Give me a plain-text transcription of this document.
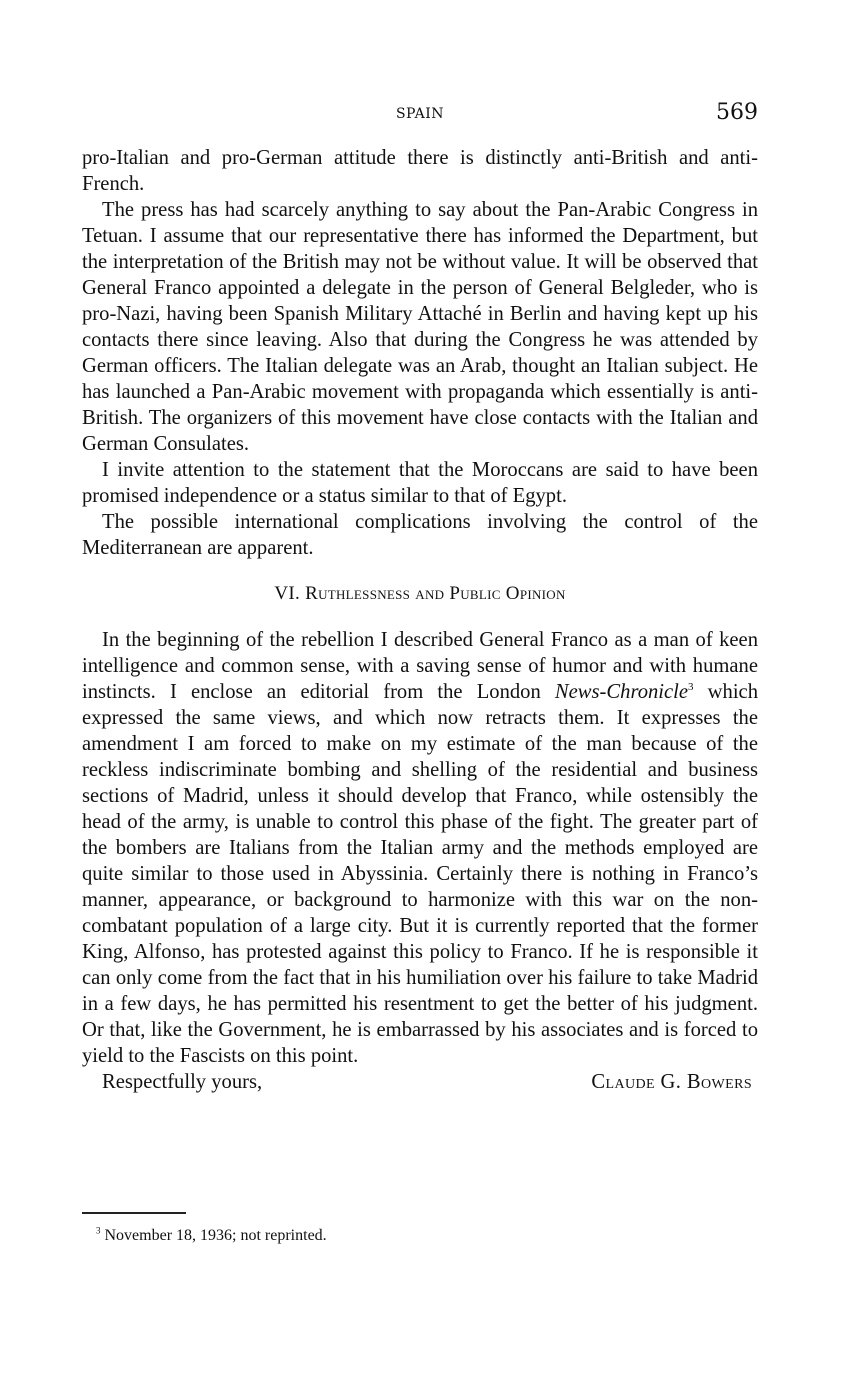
SPAIN	569

pro-Italian and pro-German attitude there is distinctly anti-British and anti-French.

The press has had scarcely anything to say about the Pan-Arabic Congress in Tetuan. I assume that our representative there has informed the Department, but the interpretation of the British may not be without value. It will be observed that General Franco appointed a delegate in the person of General Belgleder, who is pro-Nazi, having been Spanish Military Attaché in Berlin and having kept up his contacts there since leaving. Also that during the Congress he was attended by German officers. The Italian delegate was an Arab, thought an Italian subject. He has launched a Pan-Arabic movement with propaganda which essentially is anti-British. The organizers of this movement have close contacts with the Italian and German Consulates.

I invite attention to the statement that the Moroccans are said to have been promised independence or a status similar to that of Egypt.

The possible international complications involving the control of the Mediterranean are apparent.

VI. Ruthlessness and Public Opinion

In the beginning of the rebellion I described General Franco as a man of keen intelligence and common sense, with a saving sense of humor and with humane instincts. I enclose an editorial from the London News-Chronicle$^3$ which expressed the same views, and which now retracts them. It expresses the amendment I am forced to make on my estimate of the man because of the reckless indiscriminate bombing and shelling of the residential and business sections of Madrid, unless it should develop that Franco, while ostensibly the head of the army, is unable to control this phase of the fight. The greater part of the bombers are Italians from the Italian army and the methods employed are quite similar to those used in Abyssinia. Certainly there is nothing in Franco’s manner, appearance, or background to harmonize with this war on the non-combatant population of a large city. But it is currently reported that the former King, Alfonso, has protested against this policy to Franco. If he is responsible it can only come from the fact that in his humiliation over his failure to take Madrid in a few days, he has permitted his resentment to get the better of his judgment. Or that, like the Government, he is embarrassed by his associates and is forced to yield to the Fascists on this point.

Respectfully yours,	Claude G. Bowers
$^3$ November 18, 1936; not reprinted.
